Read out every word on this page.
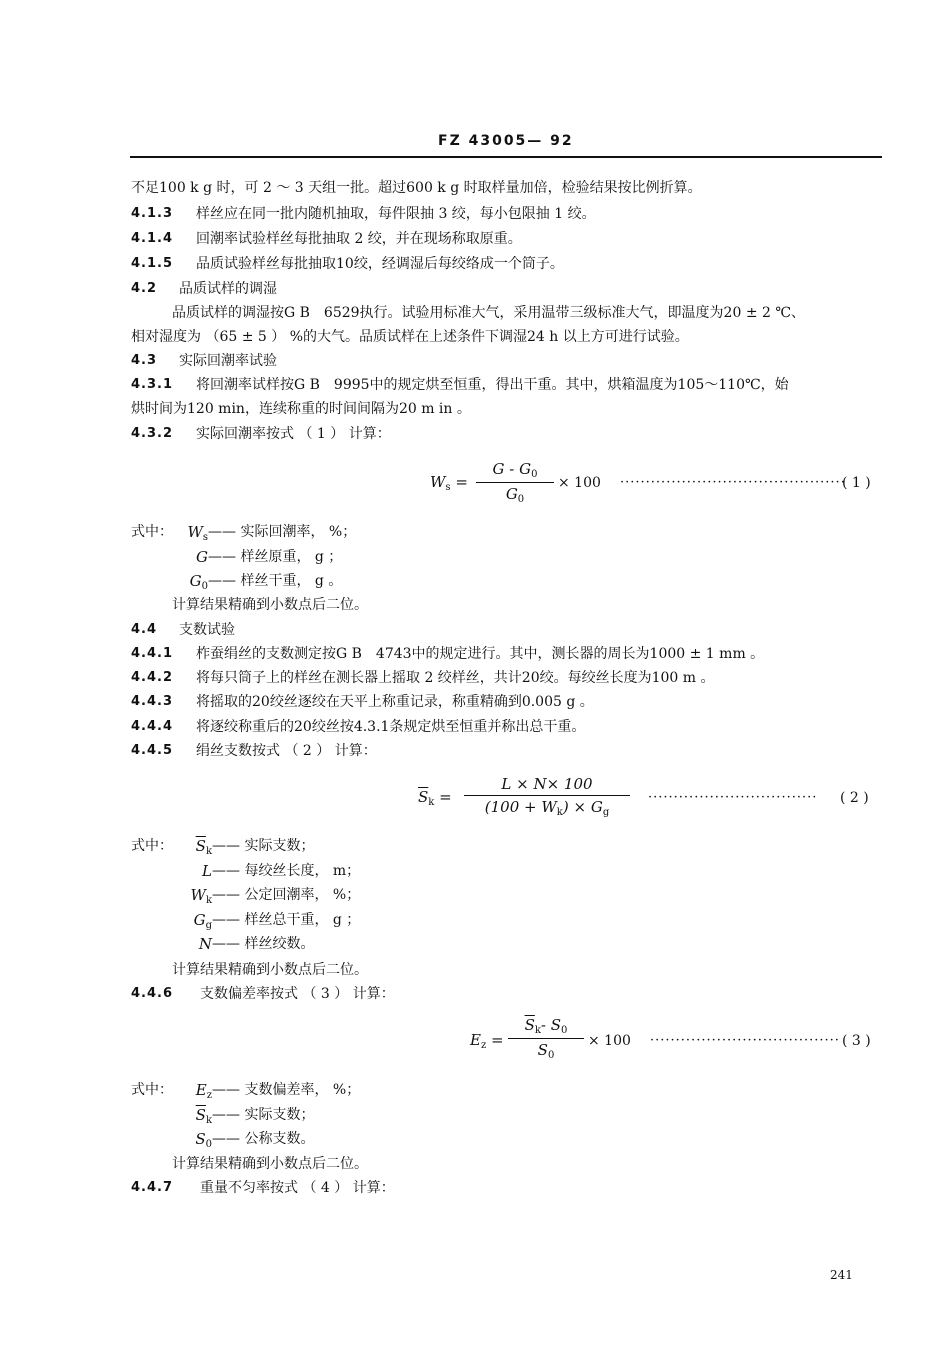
FZ 43005— 92
不足100 k g 时，可 2 ～ 3 天组一批。超过600 k g 时取样量加倍，检验结果按比例折算。
4.1.3 样丝应在同一批内随机抽取，每件限抽 3 绞，每小包限抽 1 绞。
4.1.4 回潮率试验样丝每批抽取 2 绞，并在现场称取原重。
4.1.5 品质试验样丝每批抽取10绞，经调湿后每绞络成一个筒子。
4.2 品质试样的调湿
品质试样的调湿按G B　6529执行。试验用标准大气，采用温带三级标准大气，即温度为20 ± 2 ℃、
相对湿度为 （65 ± 5 ） %的大气。品质试样在上述条件下调湿24 h 以上方可进行试验。
4.3 实际回潮率试验
4.3.1 将回潮率试样按G B　9995中的规定烘至恒重，得出干重。其中，烘箱温度为105～110℃，始
烘时间为120 min，连续称重的时间间隔为20 m in 。
4.3.2 实际回潮率按式 （ 1 ） 计算：
$W_s$ =
G - $G_0$
$G_0$
× 100 ············································
( 1 )
式中： $W_s$ —— 实际回潮率， %；
G —— 样丝原重， g ；
$G_0$ —— 样丝干重， g 。
计算结果精确到小数点后二位。
4.4 支数试验
4.4.1 柞蚕绢丝的支数测定按G B　4743中的规定进行。其中，测长器的周长为1000 ± 1 mm 。
4.4.2 将每只筒子上的样丝在测长器上摇取 2 绞样丝，共计20绞。每绞丝长度为100 m 。
4.4.3 将摇取的20绞丝逐绞在天平上称重记录，称重精确到0.005 g 。
4.4.4 将逐绞称重后的20绞丝按4.3.1条规定烘至恒重并称出总干重。
4.4.5 绢丝支数按式 （ 2 ） 计算：
$\overline{S}_k$ =
L × N× 100
$(100 + W_k) \times G_g$
································· ( 2 )
式中： $\overline{S}_k$ —— 实际支数；
L —— 每绞丝长度， m；
$W_k$ —— 公定回潮率， %；
$G_g$ —— 样丝总干重， g ；
N —— 样丝绞数。
计算结果精确到小数点后二位。
4.4.6 支数偏差率按式 （ 3 ） 计算：
$E_z$ =
$\overline{S}_k-$ $S_0$
$S_0$
× 100 ····································· ( 3 )
式中： $E_z$ —— 支数偏差率， %；
$\overline{S}_k$ —— 实际支数；
$S_0$ —— 公称支数。
计算结果精确到小数点后二位。
4.4.7 重量不匀率按式 （ 4 ） 计算：
241
